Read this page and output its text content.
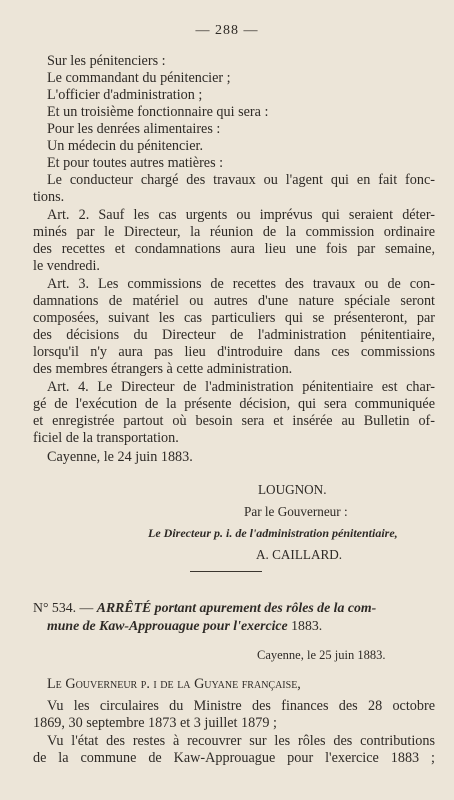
— 288 —
Sur les pénitenciers :
Le commandant du pénitencier ;
L'officier d'administration ;
Et un troisième fonctionnaire qui sera :
Pour les denrées alimentaires :
Un médecin du pénitencier.
Et pour toutes autres matières :
Le conducteur chargé des travaux ou l'agent qui en fait fonc-
tions.
Art. 2. Sauf les cas urgents ou imprévus qui seraient déter-
minés par le Directeur, la réunion de la commission ordinaire
des recettes et condamnations aura lieu une fois par semaine,
le vendredi.
Art. 3. Les commissions de recettes des travaux ou de con-
damnations de matériel ou autres d'une nature spéciale seront
composées, suivant les cas particuliers qui se présenteront, par
des décisions du Directeur de l'administration pénitentiaire,
lorsqu'il n'y aura pas lieu d'introduire dans ces commissions
des membres étrangers à cette administration.
Art. 4. Le Directeur de l'administration pénitentiaire est char-
gé de l'exécution de la présente décision, qui sera communiquée
et enregistrée partout où besoin sera et insérée au Bulletin of-
ficiel de la transportation.
Cayenne, le 24 juin 1883.
LOUGNON.
Par le Gouverneur :
Le Directeur p. i. de l'administration pénitentiaire,
A. CAILLARD.
N° 534. — ARRÊTÉ portant apurement des rôles de la com-
mune de Kaw-Approuague pour l'exercice 1883.
Cayenne, le 25 juin 1883.
Le Gouverneur p. i de la Guyane française,
Vu les circulaires du Ministre des finances des 28 octobre
1869, 30 septembre 1873 et 3 juillet 1879 ;
Vu l'état des restes à recouvrer sur les rôles des contributions
de la commune de Kaw-Approuague pour l'exercice 1883 ;
